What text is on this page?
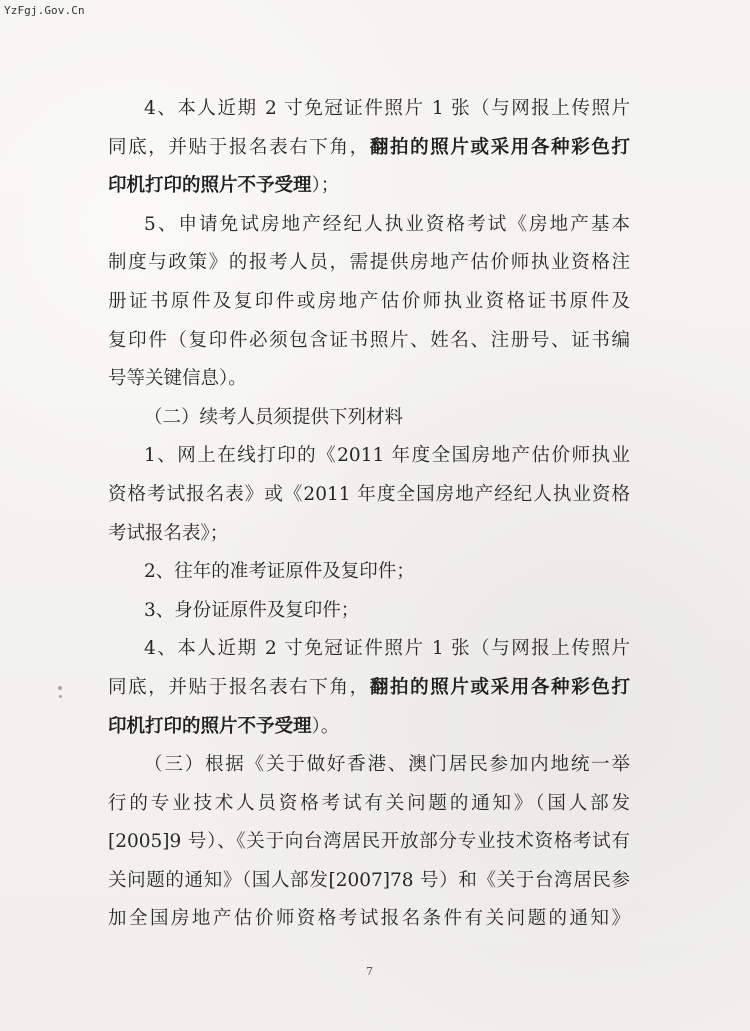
YzFgj.Gov.Cn

4、本人近期 2 寸免冠证件照片 1 张（与网报上传照片
同底，并贴于报名表右下角，翻拍的照片或采用各种彩色打
印机打印的照片不予受理）；
5、申请免试房地产经纪人执业资格考试《房地产基本
制度与政策》的报考人员，需提供房地产估价师执业资格注
册证书原件及复印件或房地产估价师执业资格证书原件及
复印件（复印件必须包含证书照片、姓名、注册号、证书编
号等关键信息）。
（二）续考人员须提供下列材料
1、网上在线打印的《2011 年度全国房地产估价师执业
资格考试报名表》或《2011 年度全国房地产经纪人执业资格
考试报名表》；
2、往年的准考证原件及复印件；
3、身份证原件及复印件；
4、本人近期 2 寸免冠证件照片 1 张（与网报上传照片
同底，并贴于报名表右下角，翻拍的照片或采用各种彩色打
印机打印的照片不予受理）。
（三）根据《关于做好香港、澳门居民参加内地统一举
行的专业技术人员资格考试有关问题的通知》（国人部发
[2005]9 号）、《关于向台湾居民开放部分专业技术资格考试有
关问题的通知》（国人部发[2007]78 号）和《关于台湾居民参
加全国房地产估价师资格考试报名条件有关问题的通知》
7
